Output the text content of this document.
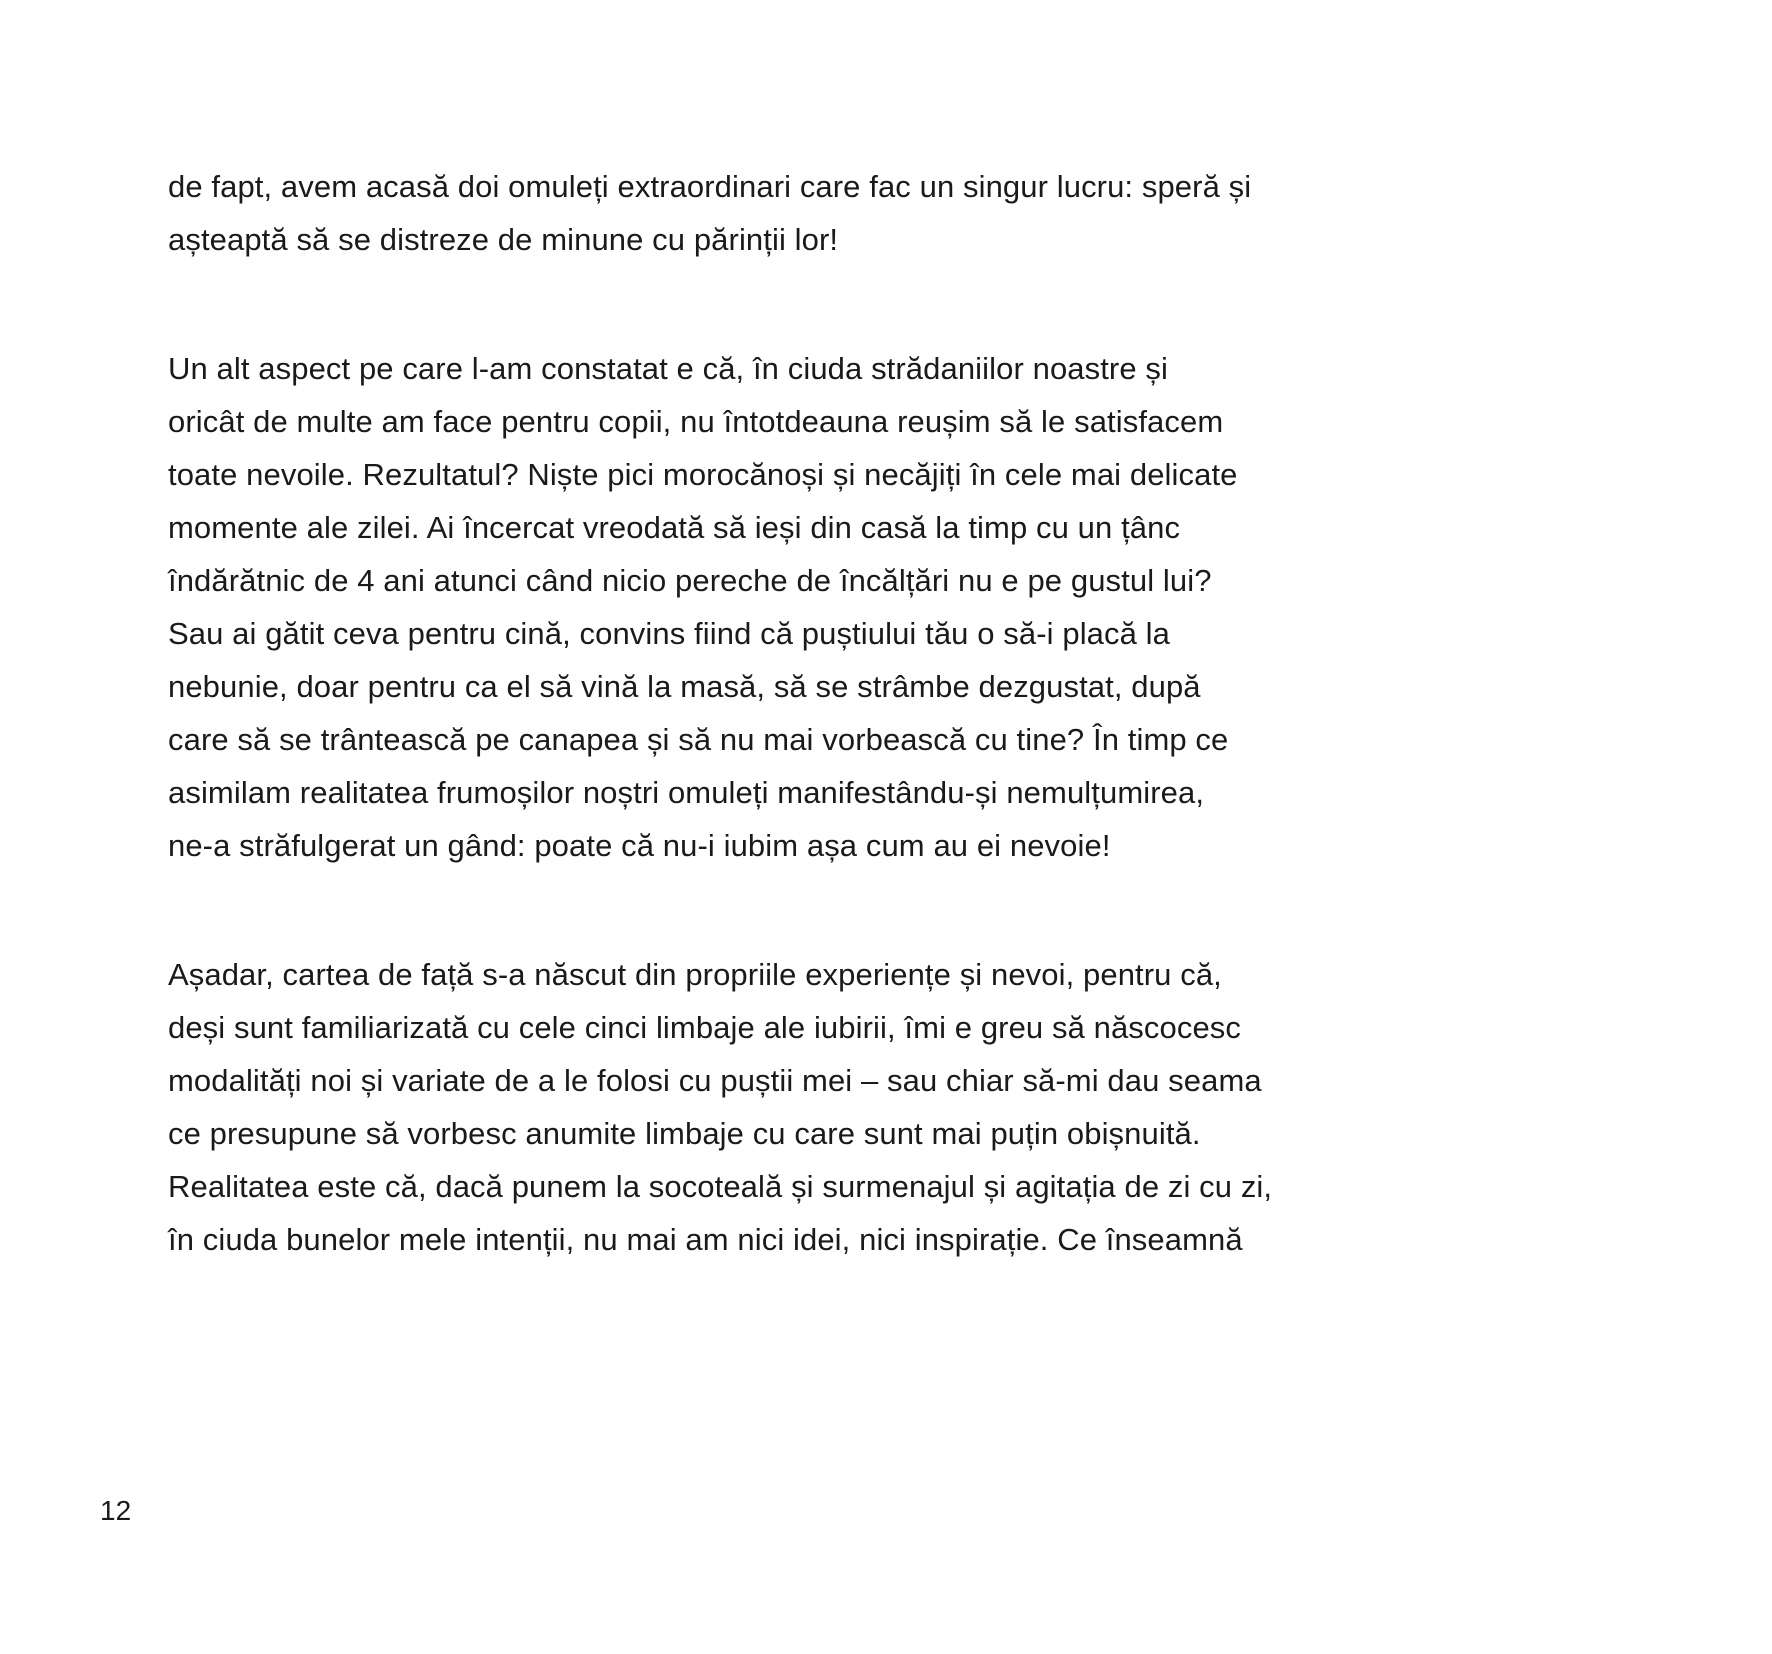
de fapt, avem acasă doi omuleți extraordinari care fac un singur lucru: speră și
așteaptă să se distreze de minune cu părinții lor!
Un alt aspect pe care l-am constatat e că, în ciuda strădaniilor noastre și
oricât de multe am face pentru copii, nu întotdeauna reușim să le satisfacem
toate nevoile. Rezultatul? Niște pici morocănoși și necăjiți în cele mai delicate
momente ale zilei. Ai încercat vreodată să ieși din casă la timp cu un țânc
îndărătnic de 4 ani atunci când nicio pereche de încălțări nu e pe gustul lui?
Sau ai gătit ceva pentru cină, convins fiind că puștiului tău o să-i placă la
nebunie, doar pentru ca el să vină la masă, să se strâmbe dezgustat, după
care să se trântească pe canapea și să nu mai vorbească cu tine? În timp ce
asimilam realitatea frumoșilor noștri omuleți manifestându-și nemulțumirea,
ne-a străfulgerat un gând: poate că nu-i iubim așa cum au ei nevoie!
Așadar, cartea de față s-a născut din propriile experiențe și nevoi, pentru că,
deși sunt familiarizată cu cele cinci limbaje ale iubirii, îmi e greu să născocesc
modalități noi și variate de a le folosi cu puștii mei – sau chiar să-mi dau seama
ce presupune să vorbesc anumite limbaje cu care sunt mai puțin obișnuită.
Realitatea este că, dacă punem la socoteală și surmenajul și agitația de zi cu zi,
în ciuda bunelor mele intenții, nu mai am nici idei, nici inspirație. Ce înseamnă
12
